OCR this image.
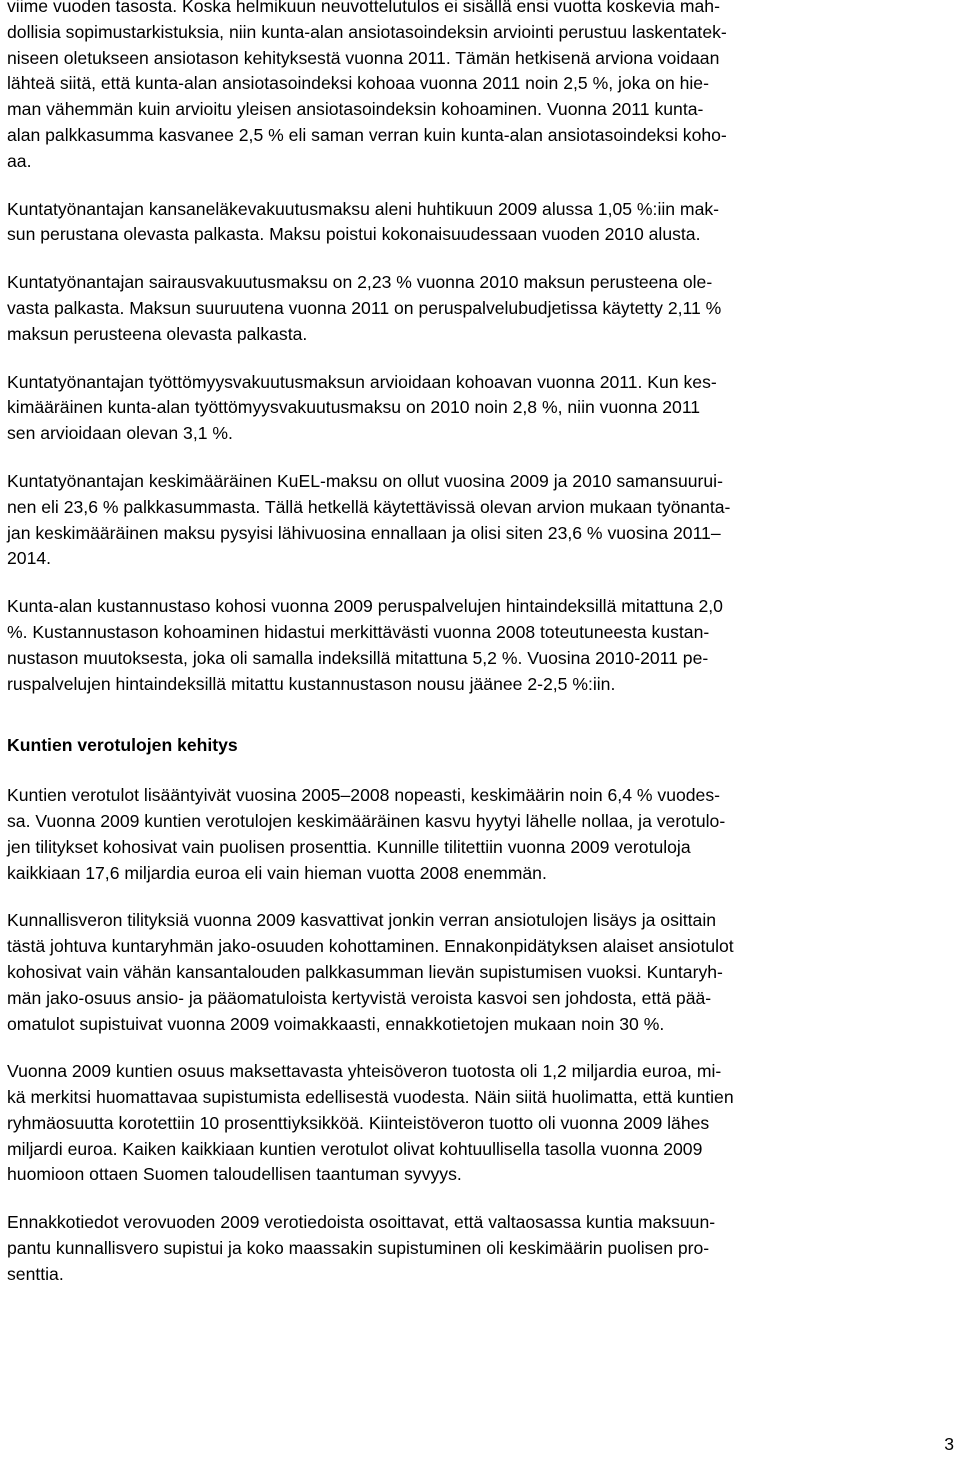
viime vuoden tasosta. Koska helmikuun neuvottelutulos ei sisällä ensi vuotta koskevia mah-
dollisia sopimustarkistuksia, niin kunta-alan ansiotasoindeksin arviointi perustuu laskentatek-
niseen oletukseen ansiotason kehityksestä vuonna 2011. Tämän hetkisenä arviona voidaan
lähteä siitä, että kunta-alan ansiotasoindeksi kohoaa vuonna 2011 noin 2,5 %, joka on hie-
man vähemmän kuin arvioitu yleisen ansiotasoindeksin kohoaminen. Vuonna 2011 kunta-
alan palkkasumma kasvanee 2,5 % eli saman verran kuin kunta-alan ansiotasoindeksi koho-
aa.
Kuntatyönantajan kansaneläkevakuutusmaksu aleni huhtikuun 2009 alussa 1,05 %:iin mak-
sun perustana olevasta palkasta. Maksu poistui kokonaisuudessaan vuoden 2010 alusta.
Kuntatyönantajan sairausvakuutusmaksu on 2,23 % vuonna 2010 maksun perusteena ole-
vasta palkasta. Maksun suuruutena vuonna 2011 on peruspalvelubudjetissa käytetty 2,11 %
maksun perusteena olevasta palkasta.
Kuntatyönantajan työttömyysvakuutusmaksun arvioidaan kohoavan vuonna 2011. Kun kes-
kimääräinen kunta-alan työttömyysvakuutusmaksu on 2010 noin 2,8 %, niin vuonna 2011
sen arvioidaan olevan 3,1 %.
Kuntatyönantajan keskimääräinen KuEL-maksu on ollut vuosina 2009 ja 2010 samansuurui-
nen eli 23,6 % palkkasummasta. Tällä hetkellä käytettävissä olevan arvion mukaan työnanta-
jan keskimääräinen maksu pysyisi lähivuosina ennallaan ja olisi siten 23,6 % vuosina 2011–
2014.
Kunta-alan kustannustaso kohosi vuonna 2009 peruspalvelujen hintaindeksillä mitattuna 2,0
%. Kustannustason kohoaminen hidastui merkittävästi vuonna 2008 toteutuneesta kustan-
nustason muutoksesta, joka oli samalla indeksillä mitattuna 5,2 %. Vuosina 2010-2011 pe-
ruspalvelujen hintaindeksillä mitattu kustannustason nousu jäänee 2-2,5 %:iin.
Kuntien verotulojen kehitys
Kuntien verotulot lisääntyivät vuosina 2005–2008 nopeasti, keskimäärin noin 6,4 % vuodes-
sa. Vuonna 2009 kuntien verotulojen keskimääräinen kasvu hyytyi lähelle nollaa, ja verotulo-
jen tilitykset kohosivat vain puolisen prosenttia. Kunnille tilitettiin vuonna 2009 verotuloja
kaikkiaan 17,6 miljardia euroa eli vain hieman vuotta 2008 enemmän.
Kunnallisveron tilityksiä vuonna 2009 kasvattivat jonkin verran ansiotulojen lisäys ja osittain
tästä johtuva kuntaryhmän jako-osuuden kohottaminen. Ennakonpidätyksen alaiset ansiotulot
kohosivat vain vähän kansantalouden palkkasumman lievän supistumisen vuoksi. Kuntaryh-
män jako-osuus ansio- ja pääomatuloista kertyvistä veroista kasvoi sen johdosta, että pää-
omatulot supistuivat vuonna 2009 voimakkaasti, ennakkotietojen mukaan noin 30 %.
Vuonna 2009 kuntien osuus maksettavasta yhteisöveron tuotosta oli 1,2 miljardia euroa, mi-
kä merkitsi huomattavaa supistumista edellisestä vuodesta. Näin siitä huolimatta, että kuntien
ryhmäosuutta korotettiin 10 prosenttiyksikköä. Kiinteistöveron tuotto oli vuonna 2009 lähes
miljardi euroa. Kaiken kaikkiaan kuntien verotulot olivat kohtuullisella tasolla vuonna 2009
huomioon ottaen Suomen taloudellisen taantuman syvyys.
Ennakkotiedot verovuoden 2009 verotiedoista osoittavat, että valtaosassa kuntia maksuun-
pantu kunnallisvero supistui ja koko maassakin supistuminen oli keskimäärin puolisen pro-
senttia.
3
